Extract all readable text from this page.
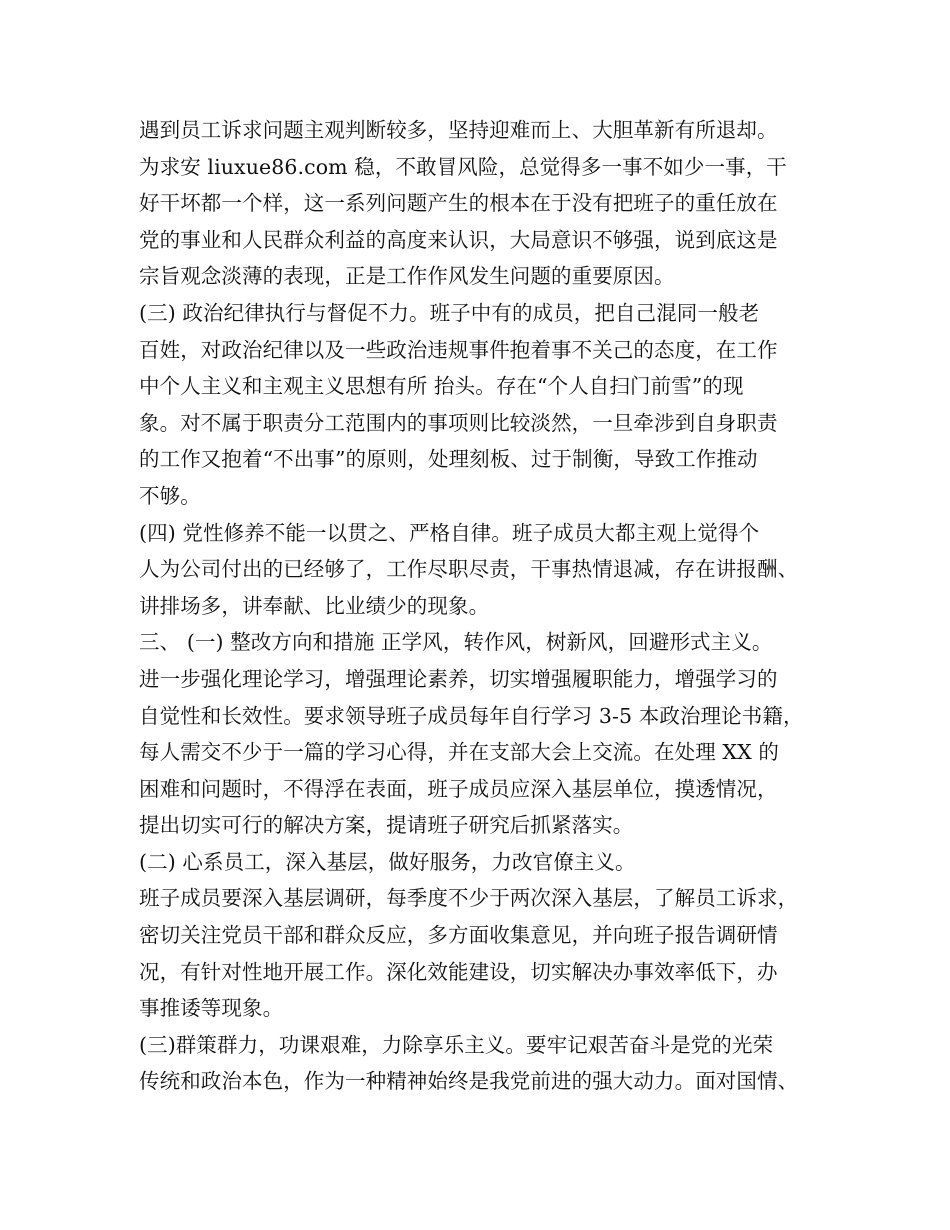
遇到员工诉求问题主观判断较多，坚持迎难而上、大胆革新有所退却。
为求安 liuxue86.com 稳，不敢冒风险，总觉得多一事不如少一事，干
好干坏都一个样，这一系列问题产生的根本在于没有把班子的重任放在
党的事业和人民群众利益的高度来认识，大局意识不够强，说到底这是
宗旨观念淡薄的表现，正是工作作风发生问题的重要原因。
(三) 政治纪律执行与督促不力。班子中有的成员，把自己混同一般老
百姓，对政治纪律以及一些政治违规事件抱着事不关己的态度，在工作
中个人主义和主观主义思想有所 抬头。存在“个人自扫门前雪”的现
象。对不属于职责分工范围内的事项则比较淡然，一旦牵涉到自身职责
的工作又抱着“不出事”的原则，处理刻板、过于制衡，导致工作推动
不够。
(四) 党性修养不能一以贯之、严格自律。班子成员大都主观上觉得个
人为公司付出的已经够了，工作尽职尽责，干事热情退减，存在讲报酬、
讲排场多，讲奉献、比业绩少的现象。
三、 (一) 整改方向和措施 正学风，转作风，树新风，回避形式主义。
进一步强化理论学习，增强理论素养，切实增强履职能力，增强学习的
自觉性和长效性。要求领导班子成员每年自行学习 3-5 本政治理论书籍，
每人需交不少于一篇的学习心得，并在支部大会上交流。在处理 XX 的
困难和问题时，不得浮在表面，班子成员应深入基层单位，摸透情况，
提出切实可行的解决方案，提请班子研究后抓紧落实。
(二) 心系员工，深入基层，做好服务，力改官僚主义。
班子成员要深入基层调研，每季度不少于两次深入基层，了解员工诉求，
密切关注党员干部和群众反应，多方面收集意见，并向班子报告调研情
况，有针对性地开展工作。深化效能建设，切实解决办事效率低下，办
事推诿等现象。
(三)群策群力，功课艰难，力除享乐主义。要牢记艰苦奋斗是党的光荣
传统和政治本色，作为一种精神始终是我党前进的强大动力。面对国情、
